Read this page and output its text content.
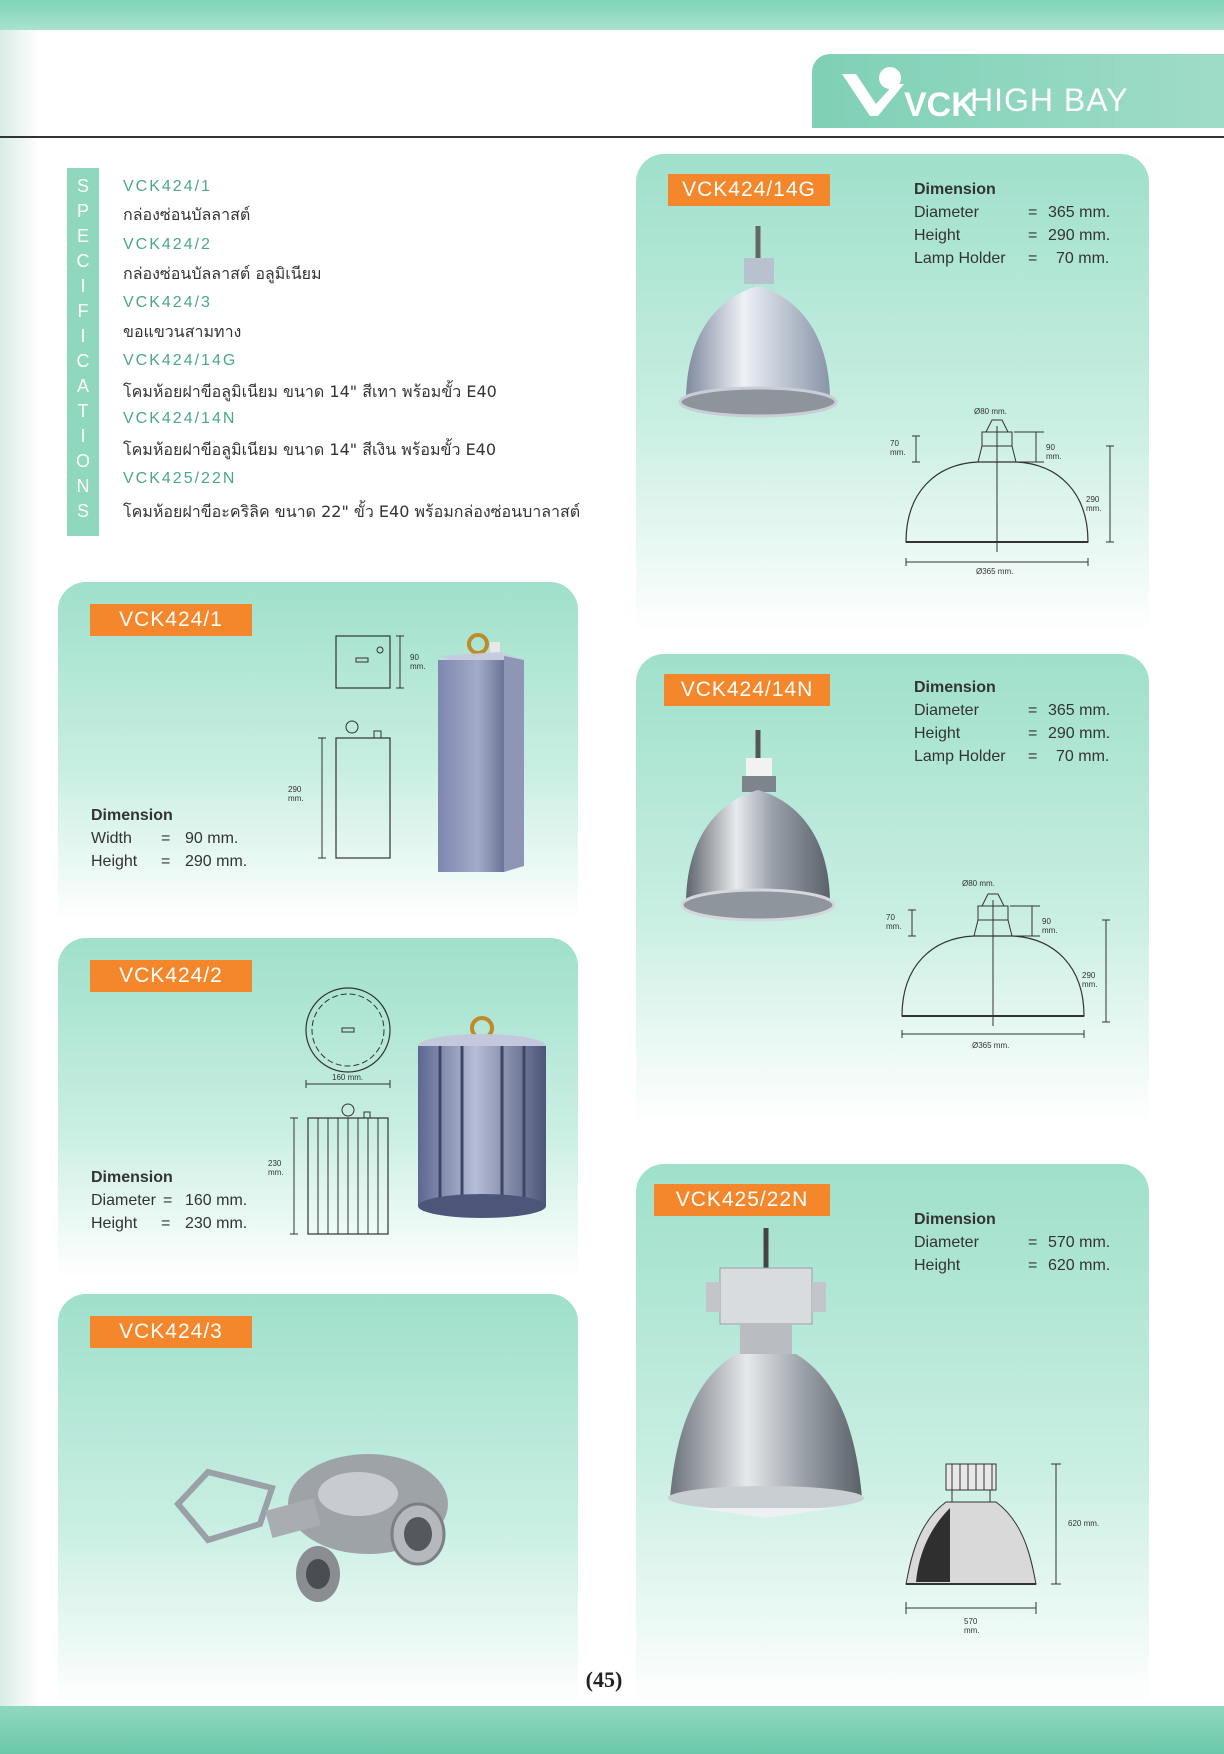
VCK
HIGH BAY
S
P
E
C
I
F
I
C
A
T
I
O
N
S
VCK424/1
กล่องซ่อนบัลลาสต์
VCK424/2
กล่องซ่อนบัลลาสต์ อลูมิเนียม
VCK424/3
ขอแขวนสามทาง
VCK424/14G
โคมห้อยฝาขีอลูมิเนียม ขนาด 14" สีเทา พร้อมขั้ว E40
VCK424/14N
โคมห้อยฝาขีอลูมิเนียม ขนาด 14" สีเงิน พร้อมขั้ว E40
VCK425/22N
โคมห้อยฝาขีอะคริลิค ขนาด 22" ขั้ว E40 พร้อมกล่องซ่อนบาลาสต์
VCK424/1
Dimension
Width = 90 mm.
Height = 290 mm.
90 mm.
290 mm.
VCK424/2
Dimension
Diameter = 160 mm.
Height = 230 mm.
160 mm.
230 mm.
VCK424/3
VCK424/14G	Dimension
Diameter	= 365 mm.
Height	= 290 mm.
Lamp Holder = 70 mm.
Ø80 mm.
70 mm.
90 mm.
290 mm.
Ø365 mm.
VCK424/14N	Dimension
Diameter	= 365 mm.
Height	= 290 mm.
Lamp Holder = 70 mm.
Ø80 mm.
70 mm.
90 mm.
290 mm.
Ø365 mm.
VCK425/22N
Dimension
Diameter	= 570 mm.
Height	= 620 mm.
620 mm.
570 mm.
(45)
